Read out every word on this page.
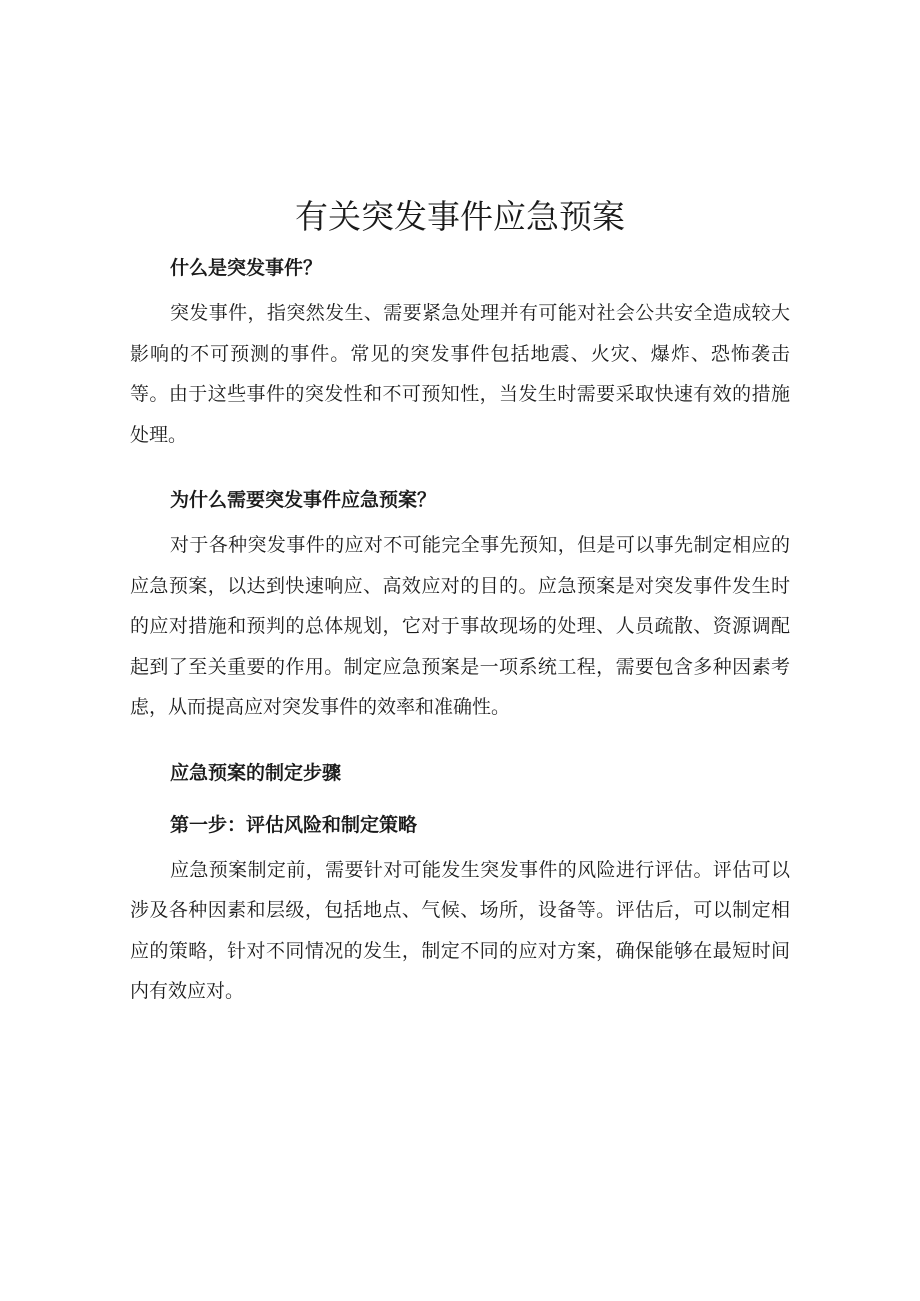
有关突发事件应急预案

什么是突发事件？

突发事件，指突然发生、需要紧急处理并有可能对社会公共安全造成较大影响的不可预测的事件。常见的突发事件包括地震、火灾、爆炸、恐怖袭击等。由于这些事件的突发性和不可预知性，当发生时需要采取快速有效的措施处理。

为什么需要突发事件应急预案？

对于各种突发事件的应对不可能完全事先预知，但是可以事先制定相应的应急预案，以达到快速响应、高效应对的目的。应急预案是对突发事件发生时的应对措施和预判的总体规划，它对于事故现场的处理、人员疏散、资源调配起到了至关重要的作用。制定应急预案是一项系统工程，需要包含多种因素考虑，从而提高应对突发事件的效率和准确性。

应急预案的制定步骤

第一步：评估风险和制定策略

应急预案制定前，需要针对可能发生突发事件的风险进行评估。评估可以涉及各种因素和层级，包括地点、气候、场所，设备等。评估后，可以制定相应的策略，针对不同情况的发生，制定不同的应对方案，确保能够在最短时间内有效应对。
